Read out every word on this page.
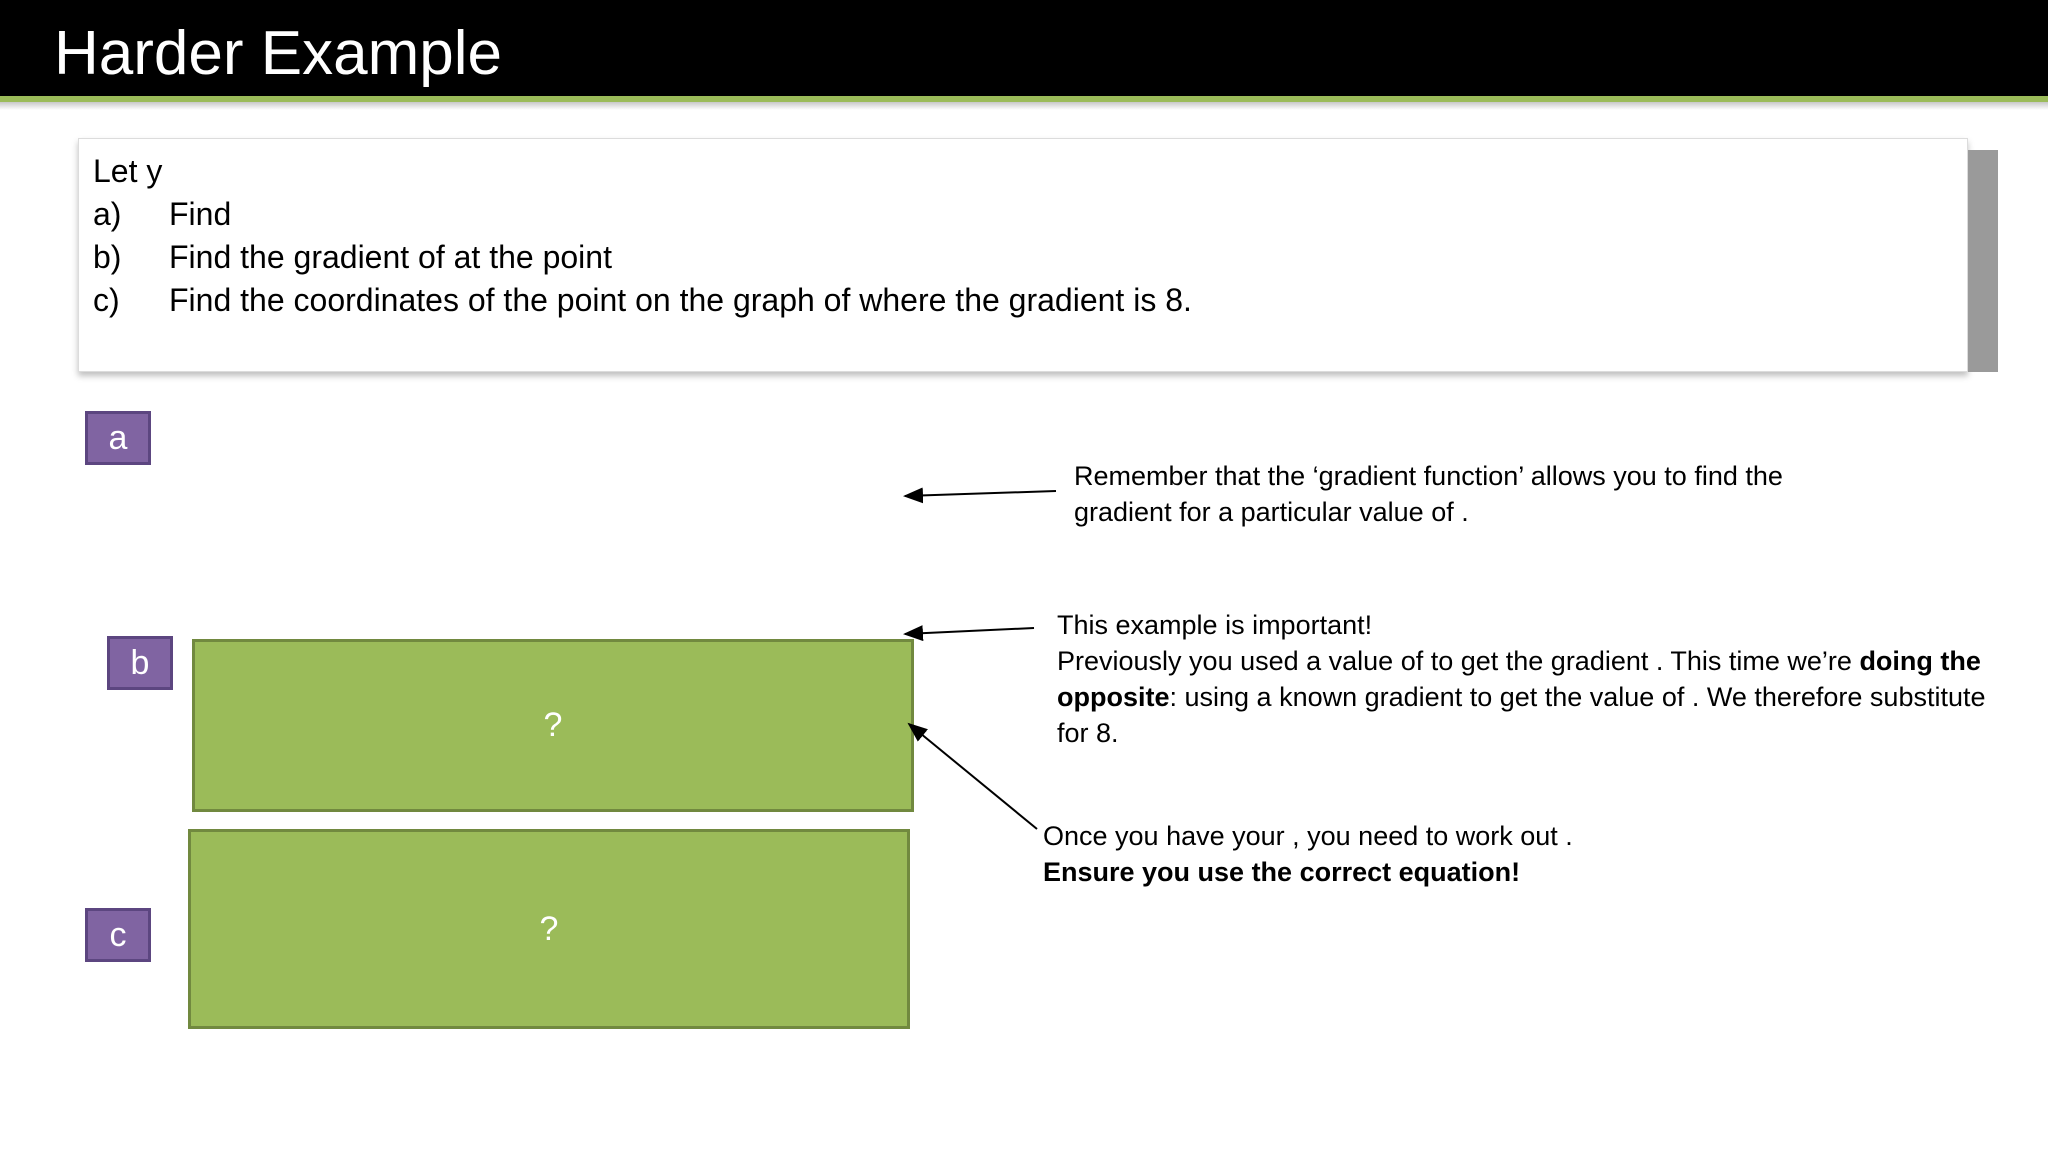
Harder Example
Let y
a) Find
b) Find the gradient of at the point
c) Find the coordinates of the point on the graph of where the gradient is 8.
a
b
c
?
?
Remember that the ‘gradient function’ allows you to find the
gradient for a particular value of .
This example is important!
Previously you used a value of to get the gradient . This time we’re doing the
opposite: using a known gradient to get the value of . We therefore substitute
for 8.
Once you have your , you need to work out .
Ensure you use the correct equation!
